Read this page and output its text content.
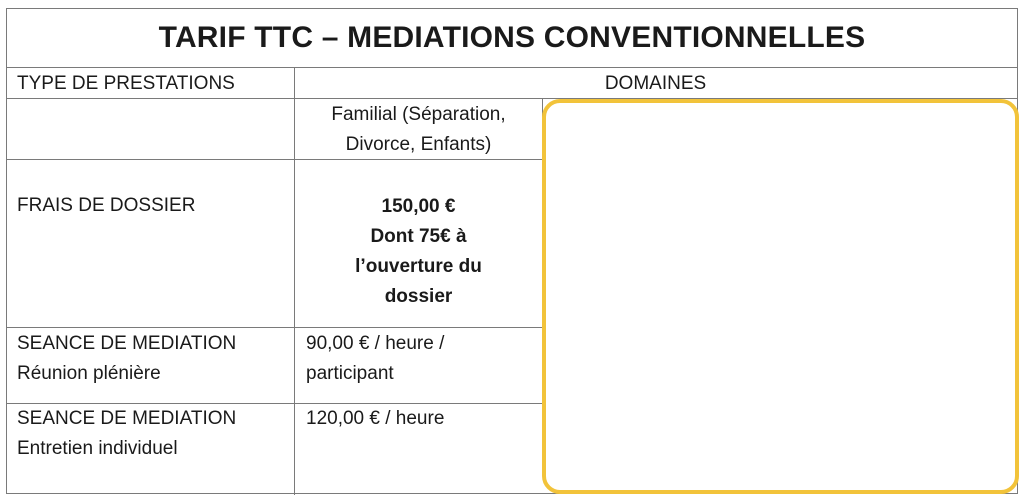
TARIF TTC – MEDIATIONS CONVENTIONNELLES
TYPE DE PRESTATIONS	DOMAINES
Familial (Séparation,
Divorce, Enfants)
FRAIS DE DOSSIER	150,00 €
Dont 75€ à
l’ouverture du
dossier
SEANCE DE MEDIATION
Réunion plénière
90,00 € / heure /
participant
SEANCE DE MEDIATION
Entretien individuel
120,00 € / heure
